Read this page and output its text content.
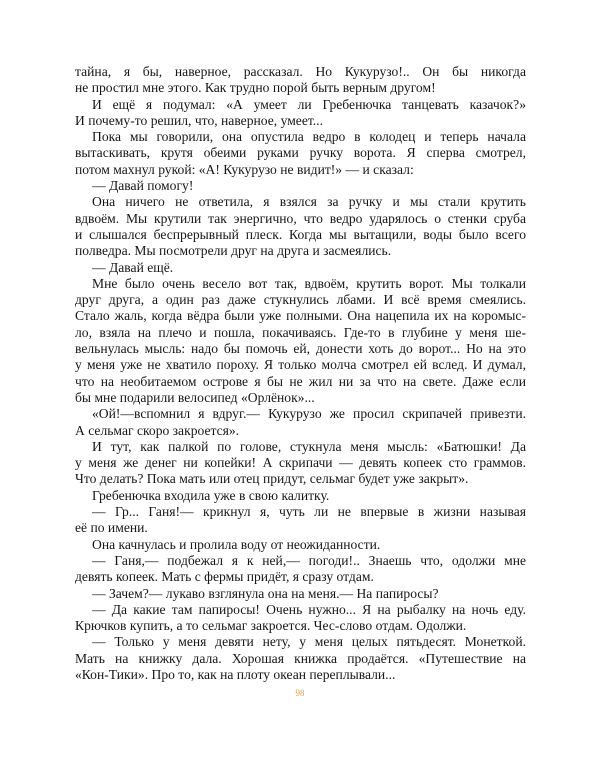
тайна, я бы, наверное, рассказал. Но Кукурузо!.. Он бы никогда
не простил мне этого. Как трудно порой быть верным другом!
И ещё я подумал: «А умеет ли Гребенючка танцевать казачок?»
И почему-то решил, что, наверное, умеет...
Пока мы говорили, она опустила ведро в колодец и теперь начала
вытаскивать, крутя обеими руками ручку ворота. Я сперва смотрел,
потом махнул рукой: «А! Кукурузо не видит!» — и сказал:
— Давай помогу!
Она ничего не ответила, я взялся за ручку и мы стали крутить
вдвоём. Мы крутили так энергично, что ведро ударялось о стенки сруба
и слышался беспрерывный плеск. Когда мы вытащили, воды было всего
полведра. Мы посмотрели друг на друга и засмеялись.
— Давай ещё.
Мне было очень весело вот так, вдвоём, крутить ворот. Мы толкали
друг друга, а один раз даже стукнулись лбами. И всё время смеялись.
Стало жаль, когда вёдра были уже полными. Она нацепила их на коромыс-
ло, взяла на плечо и пошла, покачиваясь. Где-то в глубине у меня ше-
вельнулась мысль: надо бы помочь ей, донести хоть до ворот... Но на это
у меня уже не хватило пороху. Я только молча смотрел ей вслед. И думал,
что на необитаемом острове я бы не жил ни за что на свете. Даже если
бы мне подарили велосипед «Орлёнок»...
«Ой!—вспомнил я вдруг.— Кукурузо же просил скрипачей привезти.
А сельмаг скоро закроется».
И тут, как палкой по голове, стукнула меня мысль: «Батюшки! Да
у меня же денег ни копейки! А скрипачи — девять копеек сто граммов.
Что делать? Пока мать или отец придут, сельмаг будет уже закрыт».
Гребенючка входила уже в свою калитку.
— Гр... Ганя!— крикнул я, чуть ли не впервые в жизни называя
её по имени.
Она качнулась и пролила воду от неожиданности.
— Ганя,— подбежал я к ней,— погоди!.. Знаешь что, одолжи мне
девять копеек. Мать с фермы придёт, я сразу отдам.
— Зачем?— лукаво взглянула она на меня.— На папиросы?
— Да какие там папиросы! Очень нужно... Я на рыбалку на ночь еду.
Крючков купить, а то сельмаг закроется. Чес-слово отдам. Одолжи.
— Только у меня девяти нету, у меня целых пятьдесят. Монеткой.
Мать на книжку дала. Хорошая книжка продаётся. «Путешествие на
«Кон-Тики». Про то, как на плоту океан переплывали...
98
